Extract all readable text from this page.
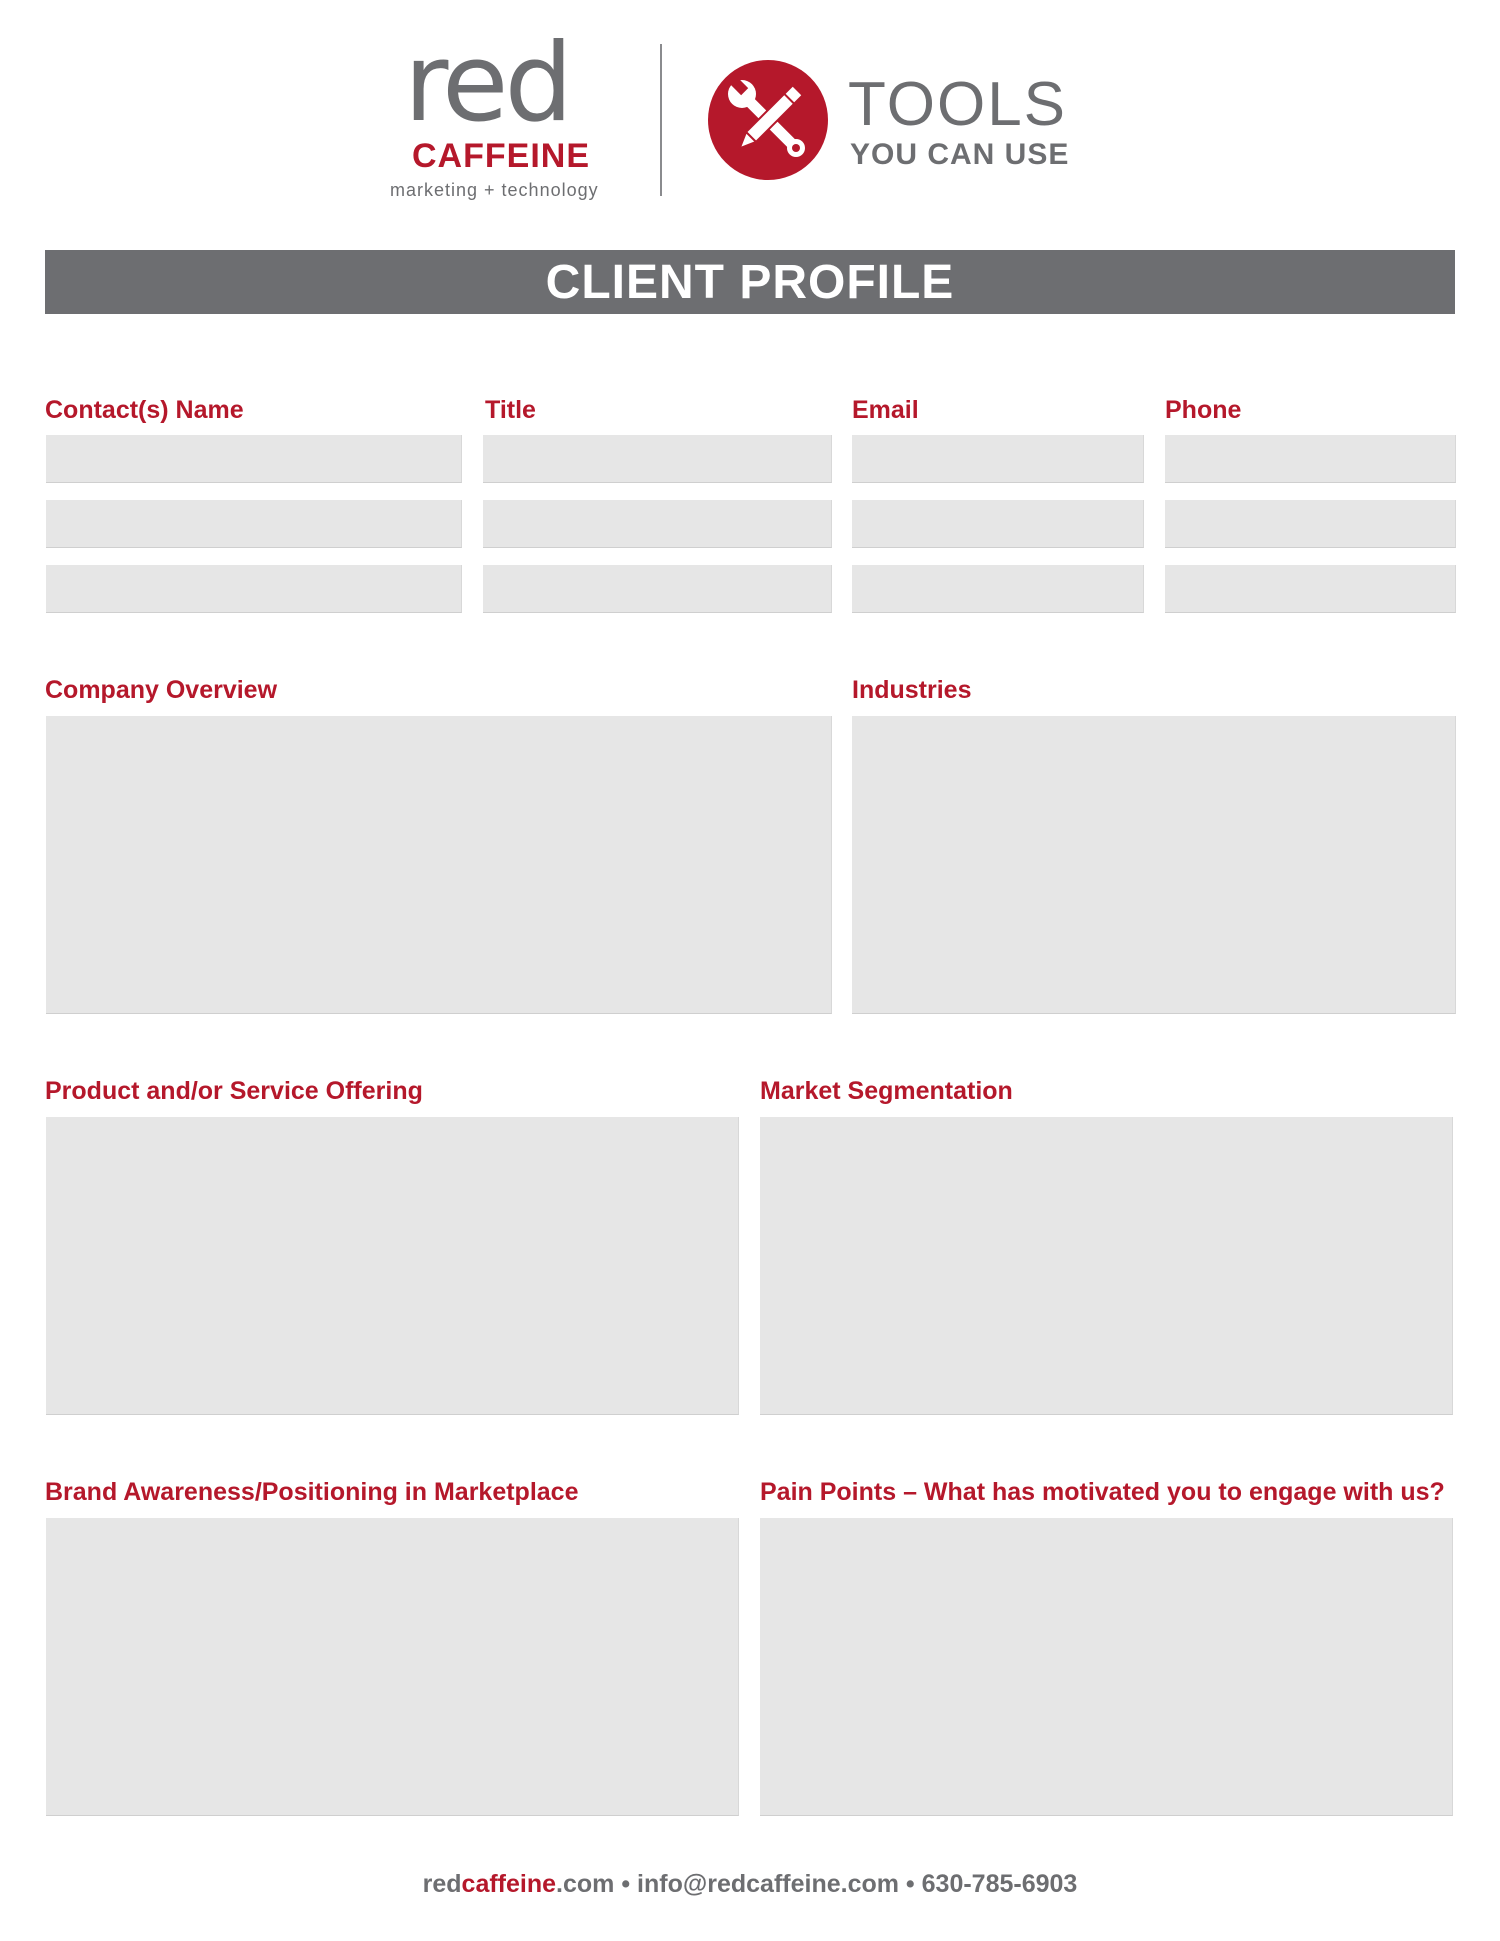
red
CAFFEINE
marketing + technology
TOOLS
YOU CAN USE
CLIENT PROFILE
Contact(s) Name	Title	Email	Phone
Company Overview	Industries
Product and/or Service Offering	Market Segmentation
Brand Awareness/Positioning in Marketplace	Pain Points – What has motivated you to engage with us?
redcaffeine.com • info@redcaffeine.com • 630-785-6903
